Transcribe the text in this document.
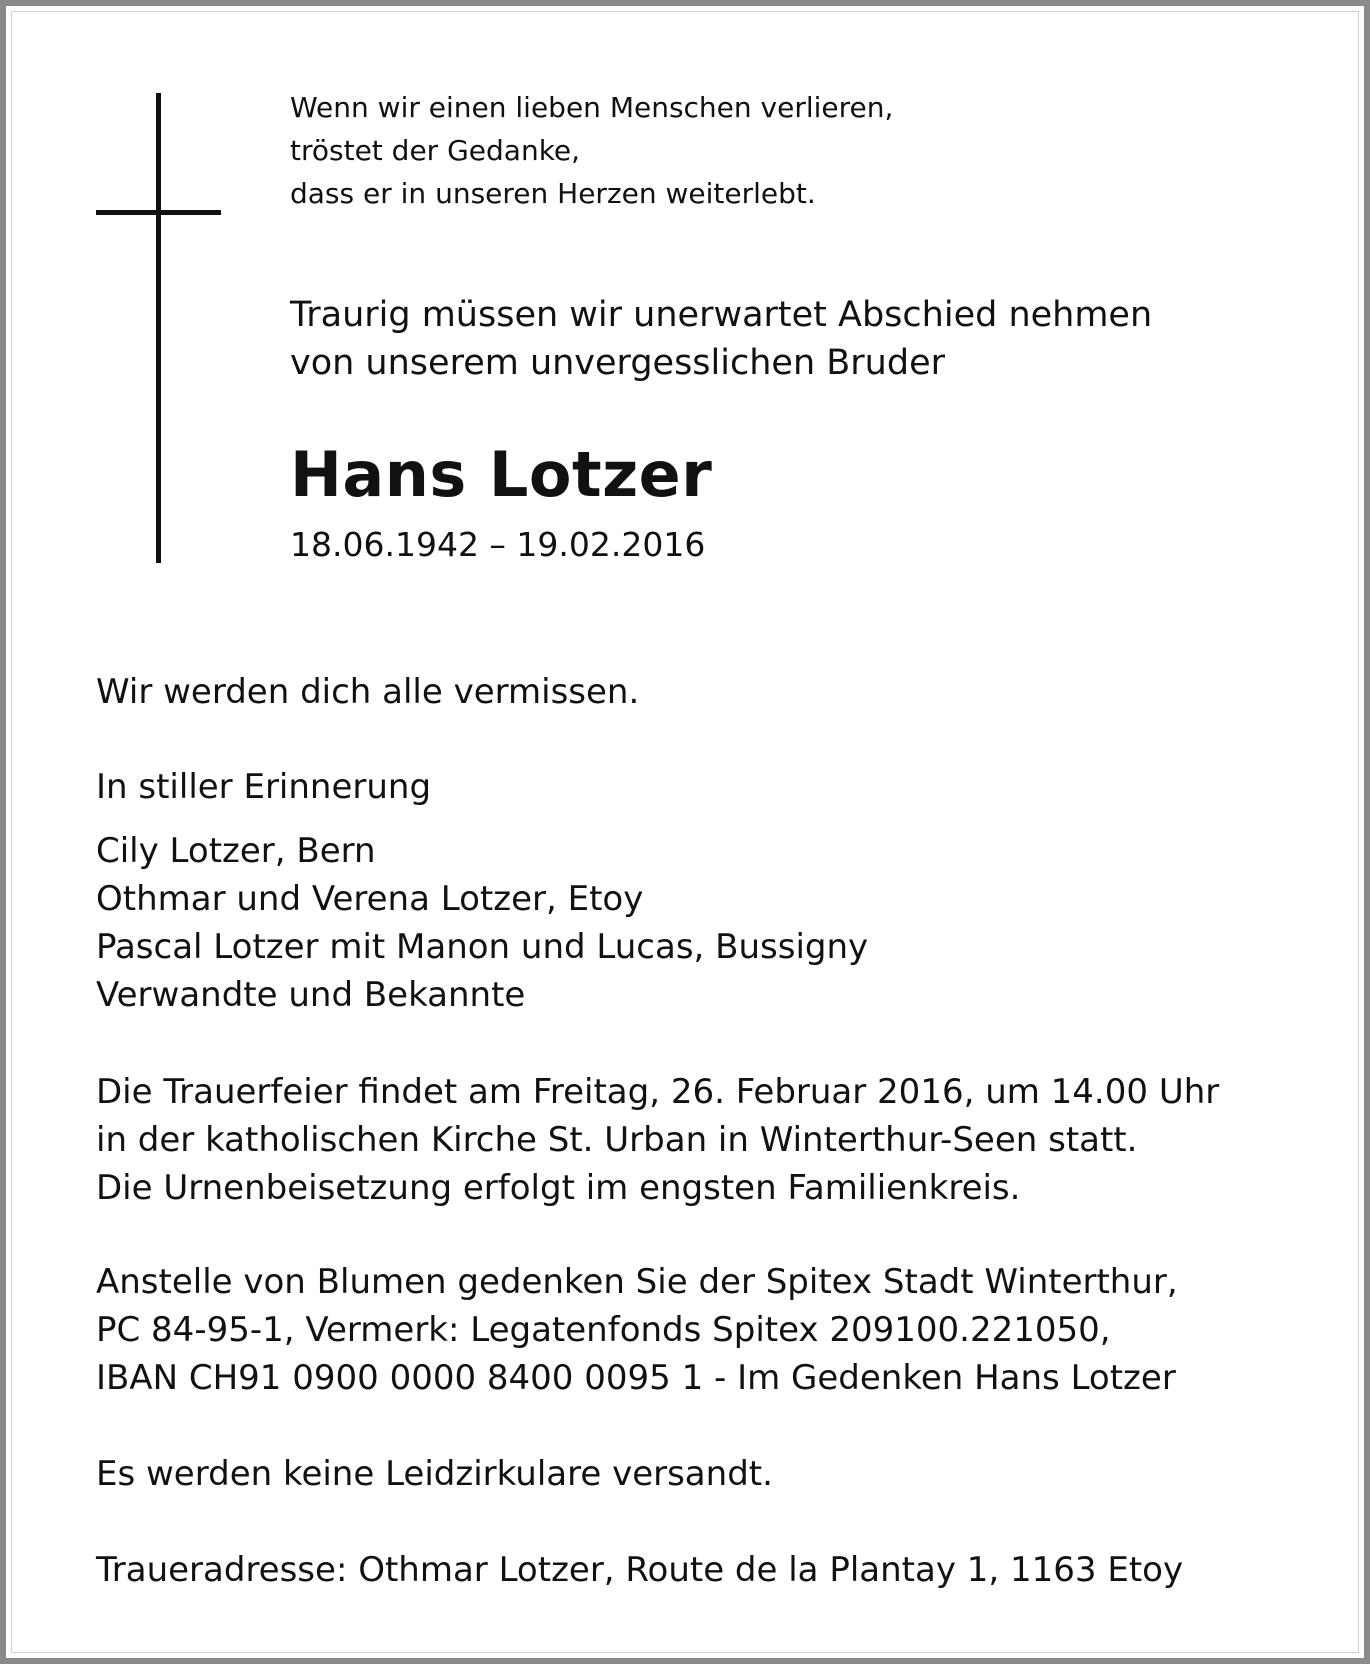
Wenn wir einen lieben Menschen verlieren,
tröstet der Gedanke,
dass er in unseren Herzen weiterlebt.
Traurig müssen wir unerwartet Abschied nehmen
von unserem unvergesslichen Bruder
Hans Lotzer
18.06.1942 – 19.02.2016
Wir werden dich alle vermissen.
In stiller Erinnerung
Cily Lotzer, Bern
Othmar und Verena Lotzer, Etoy
Pascal Lotzer mit Manon und Lucas, Bussigny
Verwandte und Bekannte
Die Trauerfeier findet am Freitag, 26. Februar 2016, um 14.00 Uhr
in der katholischen Kirche St. Urban in Winterthur-Seen statt.
Die Urnenbeisetzung erfolgt im engsten Familienkreis.
Anstelle von Blumen gedenken Sie der Spitex Stadt Winterthur,
PC 84-95-1, Vermerk: Legatenfonds Spitex 209100.221050,
IBAN CH91 0900 0000 8400 0095 1 - Im Gedenken Hans Lotzer
Es werden keine Leidzirkulare versandt.
Traueradresse: Othmar Lotzer, Route de la Plantay 1, 1163 Etoy
